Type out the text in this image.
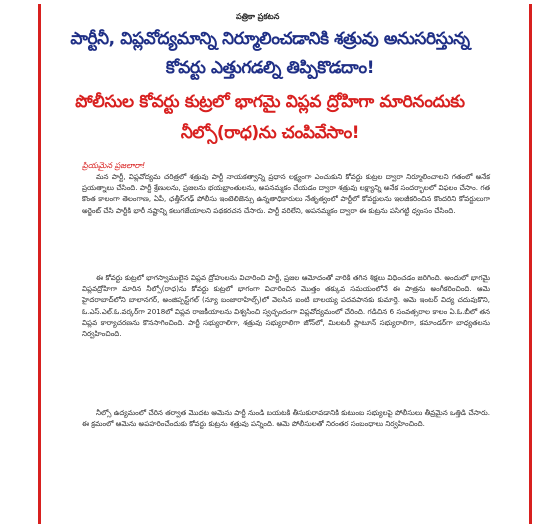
పత్రికా ప్రకటన
పార్టీనీ, విప్లవోద్యమాన్ని నిర్మూలించడానికి శత్రువు అనుసరిస్తున్న
కోవర్టు ఎత్తుగడల్ని తిప్పికొడదాం!
పోలీసుల కోవర్టు కుట్రలో భాగమై విప్లవ ద్రోహిగా మారినందుకు
నీల్సో(రాధ)ను చంపివేసాం!
ప్రియమైన ప్రజలారా!

మన పార్టీ, విప్లవోద్యమ చరిత్రలో శత్రువు పార్టీ నాయకత్వాన్ని ప్రధాన లక్ష్యంగా ఎంచుకుని కోవర్టు కుట్రల ద్వారా నిర్మూలించాలని గతంలో అనేక ప్రయత్నాలు చేసింది. పార్టీ శ్రేణులను, ప్రజలను భయభ్రాంతులను, అపనమ్మకం చేయడం ద్వారా శత్రువు లక్ష్యాన్ని అనేక సందర్భాలలో విఫలం చేసాం. గత కొంత కాలంగా తెలంగాణ, ఏపీ, ఛత్తీస్‌గఢ్ పోలీసు ఇంటెలిజెన్సు ఉన్నతాధికారులు నేతృత్వంలో పార్టీలో కోవర్టులను ఇలజీకరించిన కొందరిని కోవర్టులుగా అర్జెంట్ చేసి పార్టీకి భారీ నష్టాన్ని కలుగజేయాలని పథకరచన చేసారు. పార్టీ వరిలేని, అపనమ్మకం ద్వారా ఈ కుట్రను పసిగట్టి ధ్వంసం చేసింది.

ఈ కోవర్టు కుట్రలో భాగస్వాములైన విప్లవ ద్రోహులను విచారించి పార్టీ, ప్రజల ఆమోదంతో వారికి తగిన శిక్షలు విధించడం జరిగింది. అందులో భాగమై విప్లవద్రోహిగా మారిన నీల్సో(రాధ)ను కోవర్టు కుట్రలో భాగంగా విచారించిన మొత్తం తక్కువ సమయంలోనే ఈ పాత్రను అంగీకరించింది. ఆమె హైదరాబాద్‌లోని బాలానగర్, అంజిప్పస్ట్‌గల్ (న్యూ బంజారాహిల్స్)లో వెలసిన ఐంటి బాలయ్య పదవపానకు కుమార్తె. ఆమె ఇంటర్ విద్య చదువుకొని, ఓ.ఎస్.ఎల్.ఓ.వర్కర్‌గా 2018లో విప్లవ రాజకీయాలను విశ్వసించి స్వచ్ఛందంగా విప్లవోద్యమంలో చేరింది. గడిచిన 6 సంవత్సరాల కాలం ఏ.ఓ.బీలో తన విప్లవ కార్యాచరణను కొనసాగించింది. పార్టీ సభ్యురాలిగా, శత్రువు సభ్యురాలిగా జోన్‌లో, మిలటరీ ప్లాటూన్ సభ్యురాలిగా, కమాండర్‌గా బాధ్యతలను నిర్వహించింది.

నీల్సో ఉద్యమంలో చేరిన తర్వాత మొదట ఆమెను పార్టీ నుండి బయటకి తీసుకురావడానికి కుటుంబ సభ్యులపై పోలీసులు తీవ్రమైన ఒత్తిడి చేసారు. ఈ క్రమంలో ఆమెను అపహరించేందుకు కోవర్టు కుట్రను శత్రువు పన్నింది. ఆమె పోలీసులతో నిరంతర సంబంధాలు నిర్వహించింది.
